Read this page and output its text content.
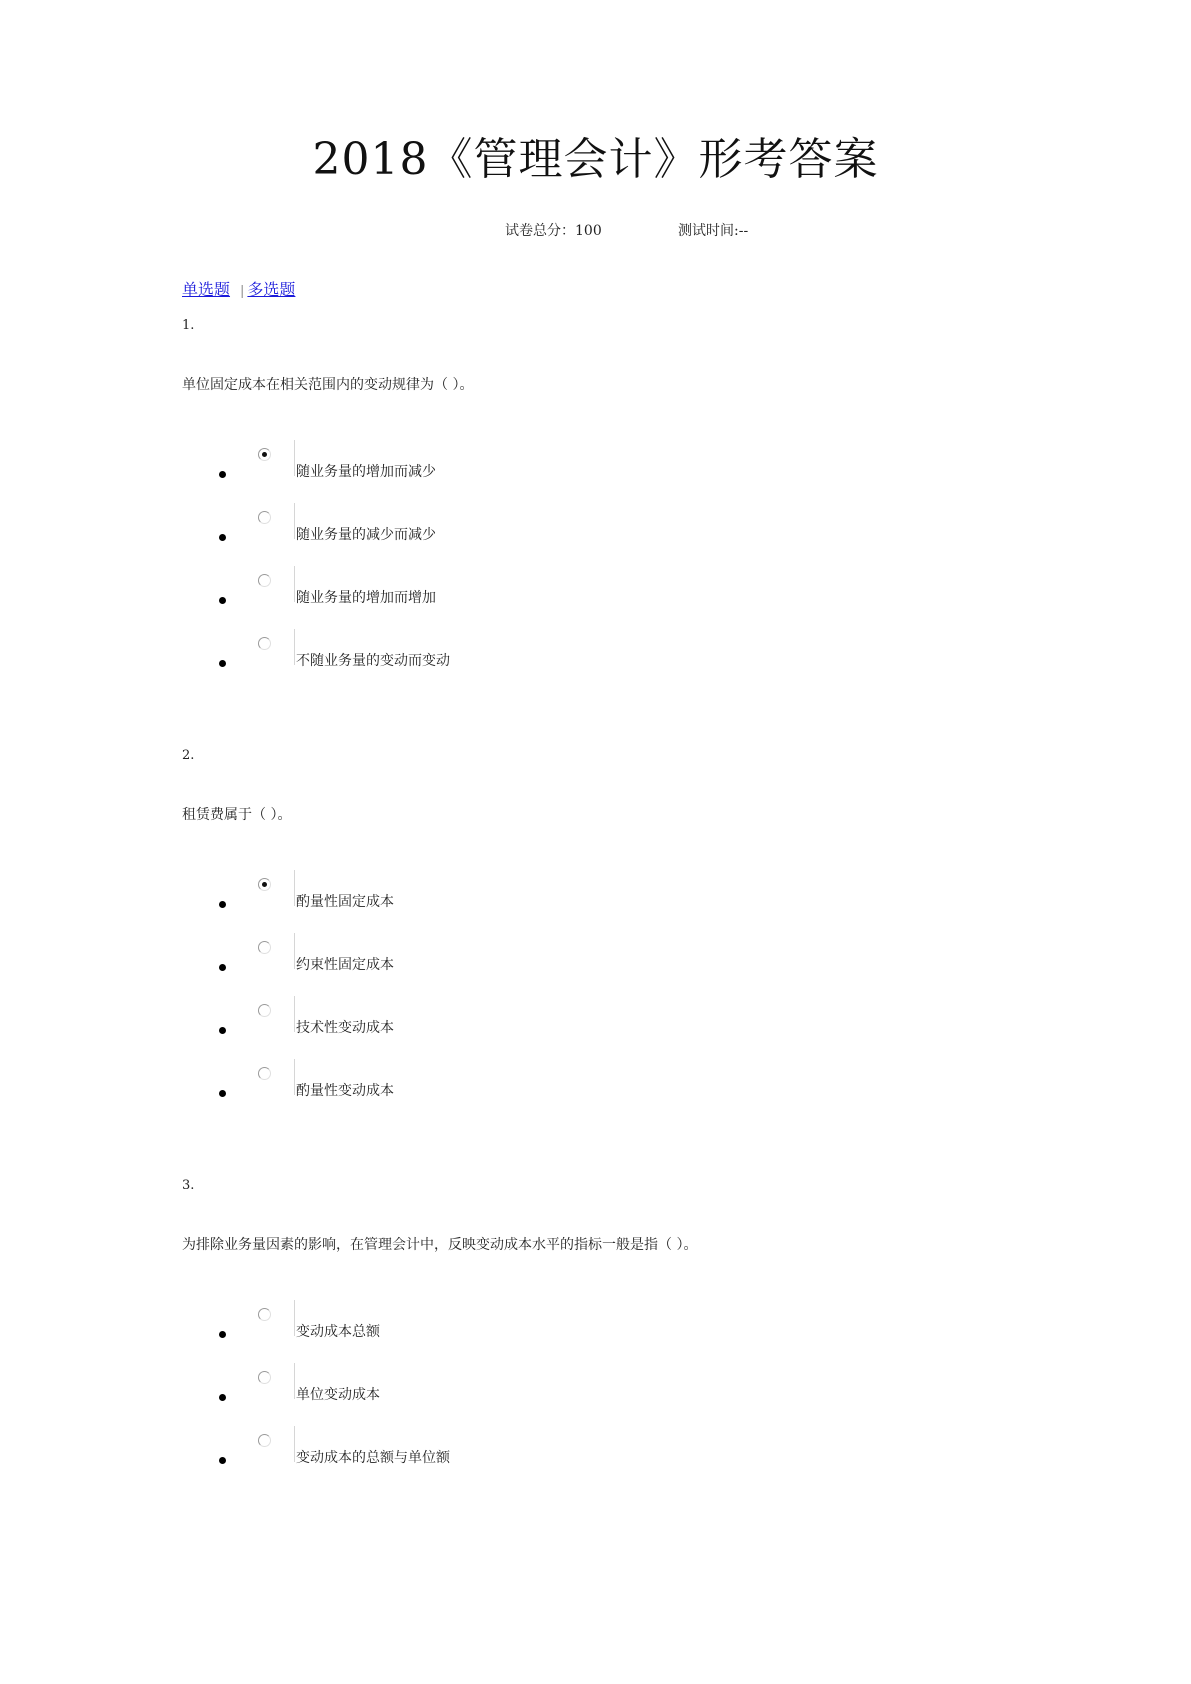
2018《管理会计》形考答案
试卷总分：100	测试时间:--
单选题 | 多选题
1.
单位固定成本在相关范围内的变动规律为（ ）。
随业务量的增加而减少
随业务量的减少而减少
随业务量的增加而增加
不随业务量的变动而变动
2.
租赁费属于（ ）。
酌量性固定成本
约束性固定成本
技术性变动成本
酌量性变动成本
3.
为排除业务量因素的影响，在管理会计中，反映变动成本水平的指标一般是指（ ）。
变动成本总额
单位变动成本
变动成本的总额与单位额
